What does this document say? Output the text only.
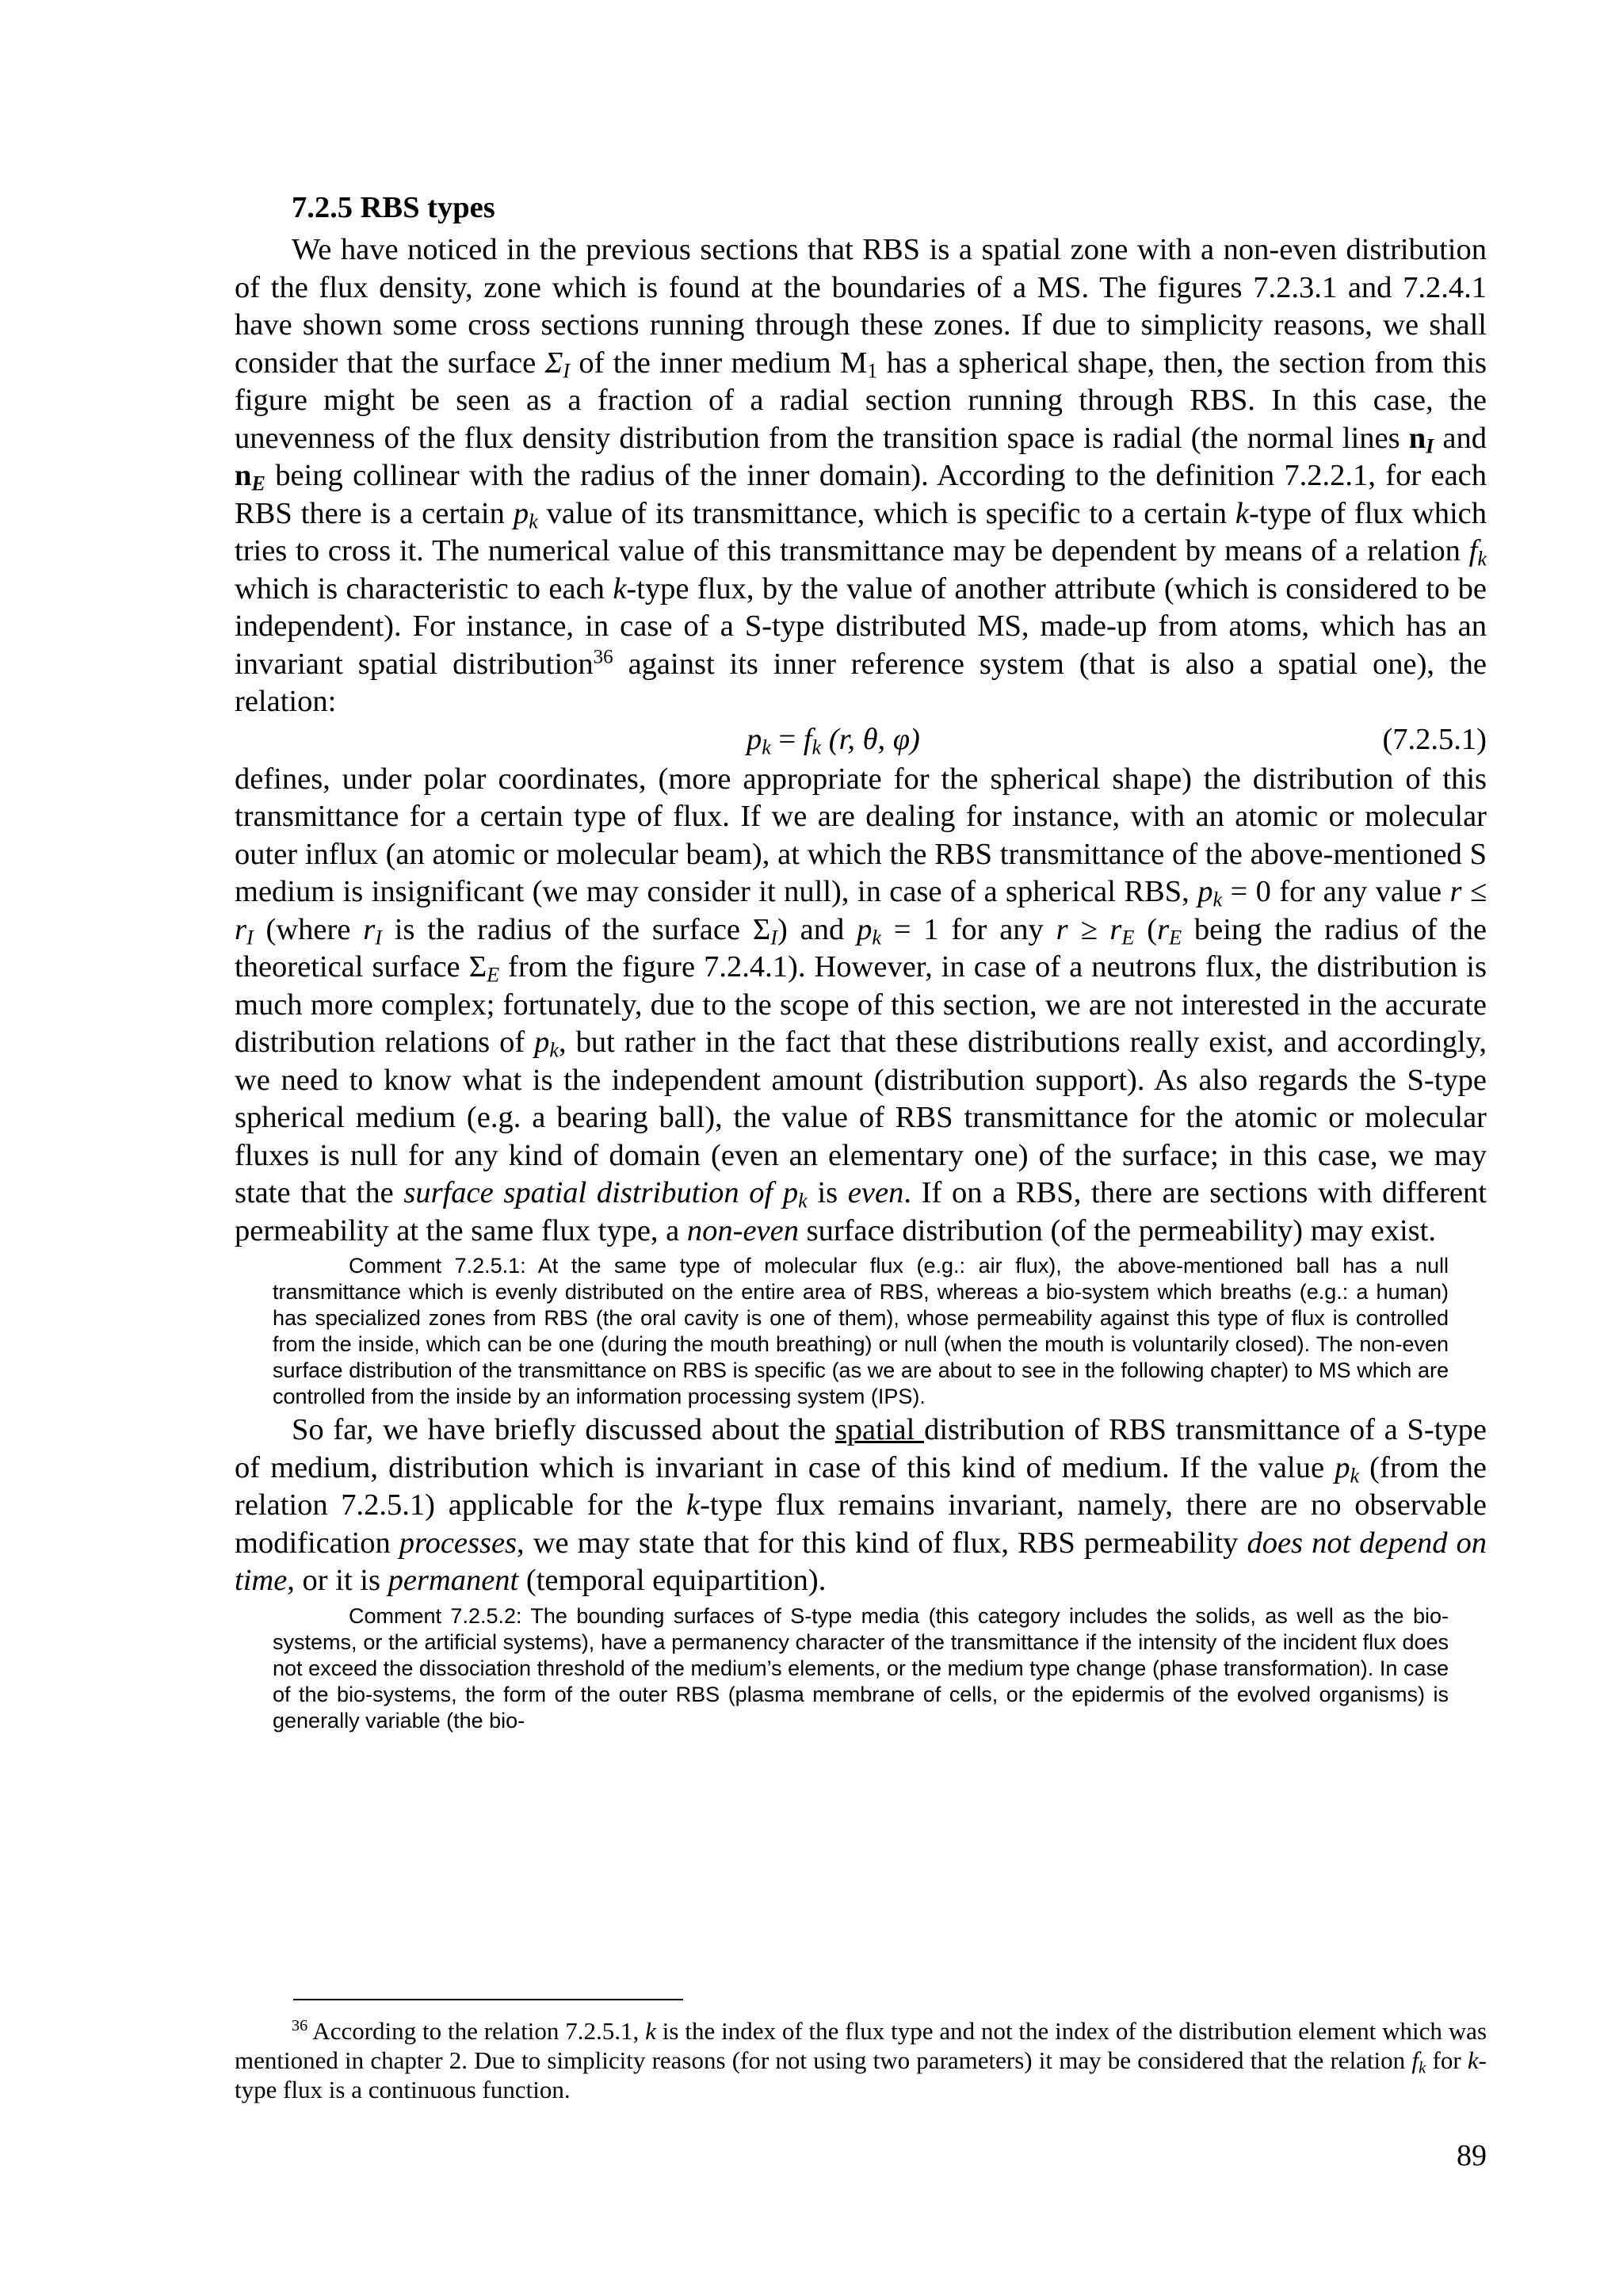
7.2.5 RBS types

We have noticed in the previous sections that RBS is a spatial zone with a non-even distribution of the flux density, zone which is found at the boundaries of a MS. The figures 7.2.3.1 and 7.2.4.1 have shown some cross sections running through these zones. If due to simplicity reasons, we shall consider that the surface $\Sigma_I$ of the inner medium $M_1$ has a spherical shape, then, the section from this figure might be seen as a fraction of a radial section running through RBS. In this case, the unevenness of the flux density distribution from the transition space is radial (the normal lines $n_I$ and $n_E$ being collinear with the radius of the inner domain). According to the definition 7.2.2.1, for each RBS there is a certain $p_k$ value of its transmittance, which is specific to a certain k-type of flux which tries to cross it. The numerical value of this transmittance may be dependent by means of a relation $f_k$ which is characteristic to each k-type flux, by the value of another attribute (which is considered to be independent). For instance, in case of a S-type distributed MS, made-up from atoms, which has an invariant spatial distribution$^{36}$ against its inner reference system (that is also a spatial one), the relation:

$p_k = f_k$ (r, θ, φ)	(7.2.5.1)

defines, under polar coordinates, (more appropriate for the spherical shape) the distribution of this transmittance for a certain type of flux. If we are dealing for instance, with an atomic or molecular outer influx (an atomic or molecular beam), at which the RBS transmittance of the above-mentioned S medium is insignificant (we may consider it null), in case of a spherical RBS, $p_k = 0$ for any value $r \le r_I$ (where $r_I$ is the radius of the surface $\Sigma_I$) and $p_k = 1$ for any $r \ge r_E$ ($r_E$ being the radius of the theoretical surface $\Sigma_E$ from the figure 7.2.4.1). However, in case of a neutrons flux, the distribution is much more complex; fortunately, due to the scope of this section, we are not interested in the accurate distribution relations of $p_k$, but rather in the fact that these distributions really exist, and accordingly, we need to know what is the independent amount (distribution support). As also regards the S-type spherical medium (e.g. a bearing ball), the value of RBS transmittance for the atomic or molecular fluxes is null for any kind of domain (even an elementary one) of the surface; in this case, we may state that the surface spatial distribution of $p_k$ is even. If on a RBS, there are sections with different permeability at the same flux type, a non-even surface distribution (of the permeability) may exist.

Comment 7.2.5.1: At the same type of molecular flux (e.g.: air flux), the above-mentioned ball has a null transmittance which is evenly distributed on the entire area of RBS, whereas a bio-system which breaths (e.g.: a human) has specialized zones from RBS (the oral cavity is one of them), whose permeability against this type of flux is controlled from the inside, which can be one (during the mouth breathing) or null (when the mouth is voluntarily closed). The non-even surface distribution of the transmittance on RBS is specific (as we are about to see in the following chapter) to MS which are controlled from the inside by an information processing system (IPS).

So far, we have briefly discussed about the spatial distribution of RBS transmittance of a S-type of medium, distribution which is invariant in case of this kind of medium. If the value $p_k$ (from the relation 7.2.5.1) applicable for the k-type flux remains invariant, namely, there are no observable modification processes, we may state that for this kind of flux, RBS permeability does not depend on time, or it is permanent (temporal equipartition).

Comment 7.2.5.2: The bounding surfaces of S-type media (this category includes the solids, as well as the bio-systems, or the artificial systems), have a permanency character of the transmittance if the intensity of the incident flux does not exceed the dissociation threshold of the medium’s elements, or the medium type change (phase transformation). In case of the bio-systems, the form of the outer RBS (plasma membrane of cells, or the epidermis of the evolved organisms) is generally variable (the bio-
$^{36}$ According to the relation 7.2.5.1, k is the index of the flux type and not the index of the distribution element which was mentioned in chapter 2. Due to simplicity reasons (for not using two parameters) it may be considered that the relation $f_k$ for k-type flux is a continuous function.
89
